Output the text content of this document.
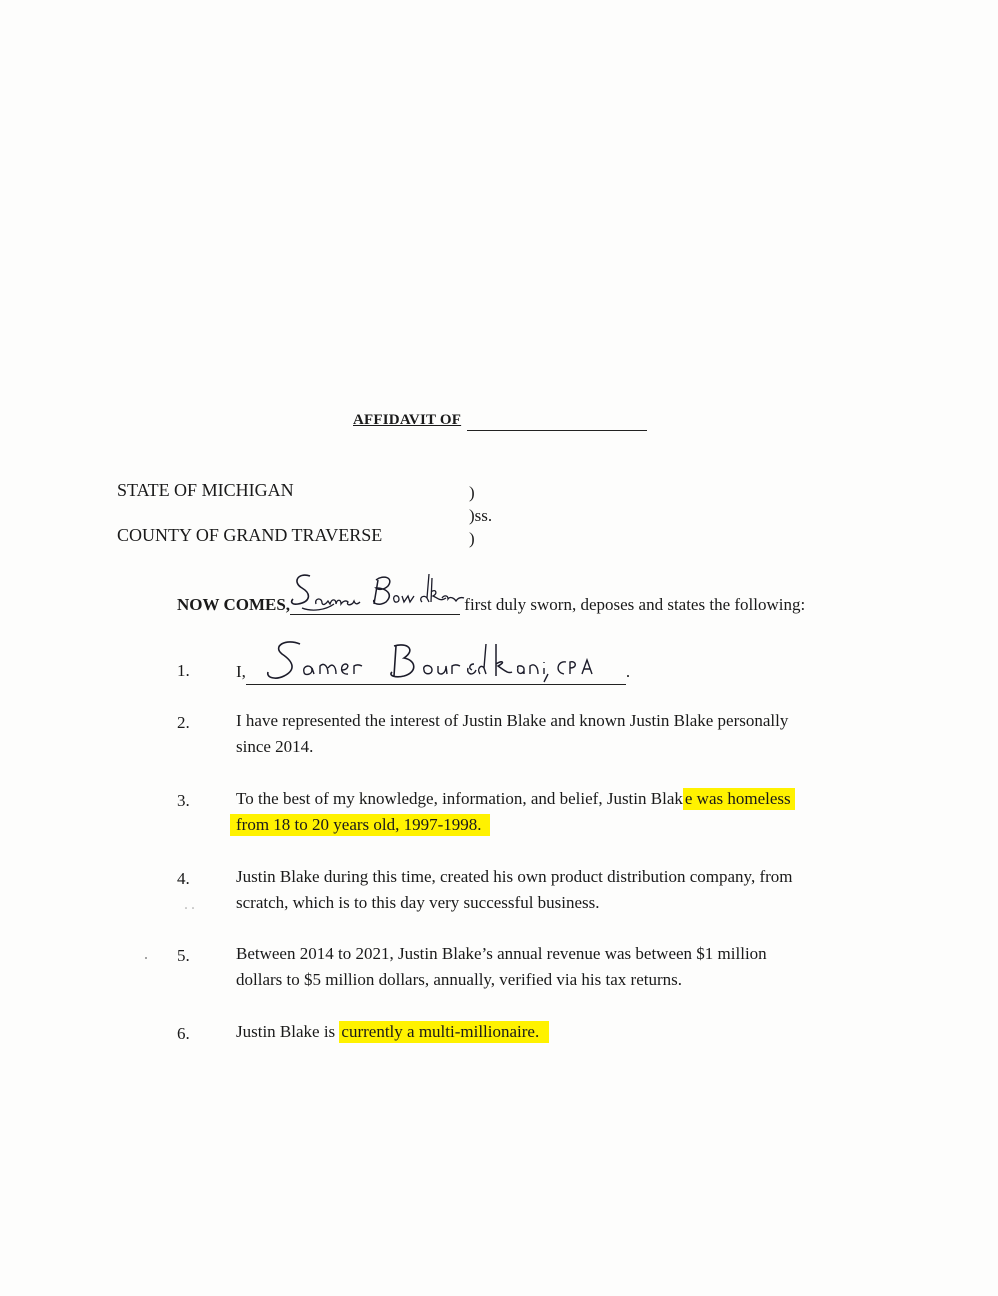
AFFIDAVIT OF
STATE OF MICHIGAN
COUNTY OF GRAND TRAVERSE
)
)ss.
)
NOW COMES,	first duly sworn, deposes and states the following:
1.	I,	.
2.	I have represented the interest of Justin Blake and known Justin Blake personally
since 2014.
3.	To the best of my knowledge, information, and belief, Justin Blak e was homeless
from 18 to 20 years old, 1997-1998.
4.	Justin Blake during this time, created his own product distribution company, from
scratch, which is to this day very successful business.
5.	Between 2014 to 2021, Justin Blake’s annual revenue was between $1 million
dollars to $5 million dollars, annually, verified via his tax returns.
6.	Justin Blake is currently a multi-millionaire.
